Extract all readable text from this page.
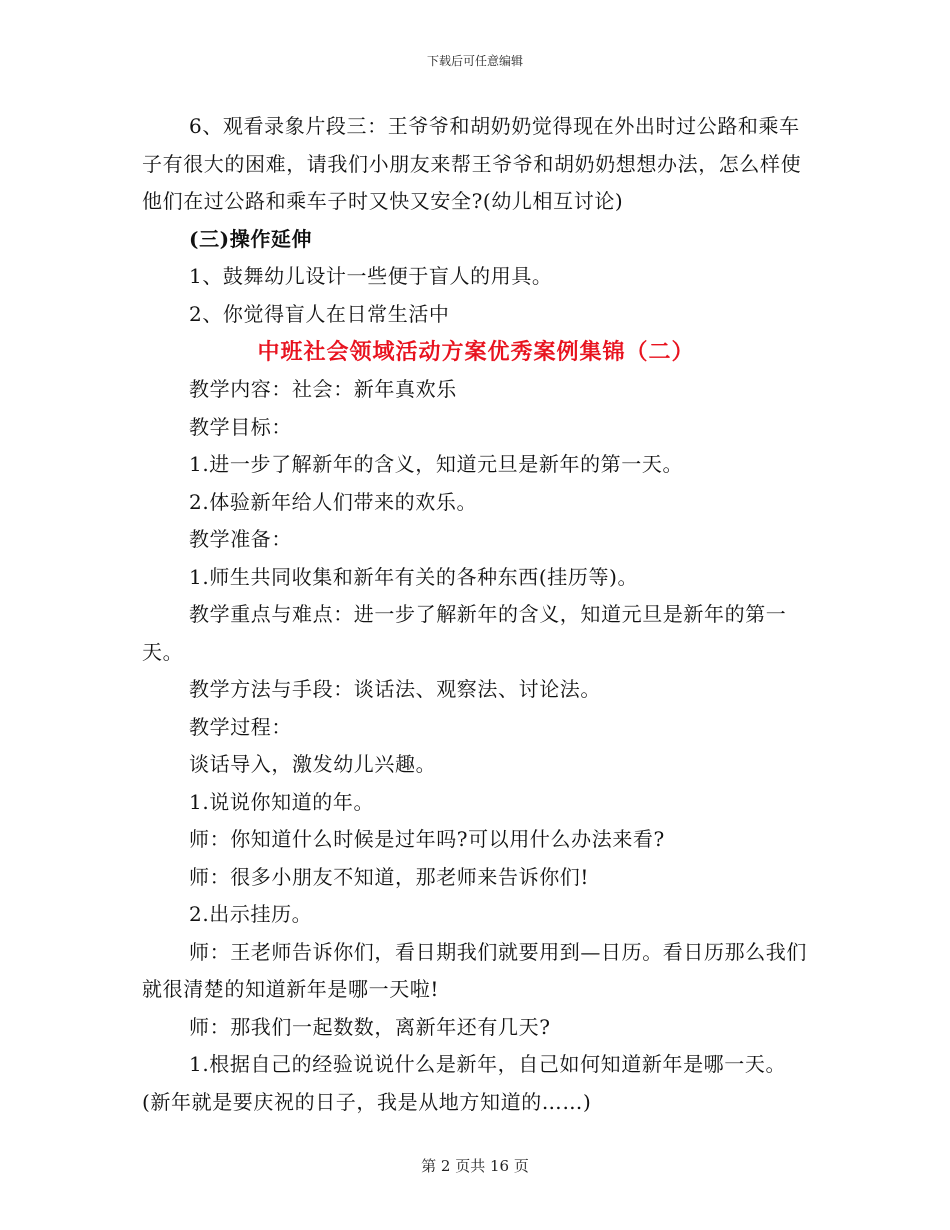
下载后可任意编辑

6、观看录象片段三：王爷爷和胡奶奶觉得现在外出时过公路和乘车子有很大的困难，请我们小朋友来帮王爷爷和胡奶奶想想办法，怎么样使他们在过公路和乘车子时又快又安全?(幼儿相互讨论)

(三)操作延伸

1、鼓舞幼儿设计一些便于盲人的用具。

2、你觉得盲人在日常生活中

中班社会领域活动方案优秀案例集锦（二）

教学内容：社会：新年真欢乐

教学目标：

1.进一步了解新年的含义，知道元旦是新年的第一天。

2.体验新年给人们带来的欢乐。

教学准备：

1.师生共同收集和新年有关的各种东西(挂历等)。

教学重点与难点：进一步了解新年的含义，知道元旦是新年的第一天。

教学方法与手段：谈话法、观察法、讨论法。

教学过程：

谈话导入，激发幼儿兴趣。

1.说说你知道的年。

师：你知道什么时候是过年吗?可以用什么办法来看?

师：很多小朋友不知道，那老师来告诉你们!

2.出示挂历。

师：王老师告诉你们，看日期我们就要用到—日历。看日历那么我们就很清楚的知道新年是哪一天啦!

师：那我们一起数数，离新年还有几天?

1.根据自己的经验说说什么是新年，自己如何知道新年是哪一天。(新年就是要庆祝的日子，我是从地方知道的……)

第 2 页共 16 页
